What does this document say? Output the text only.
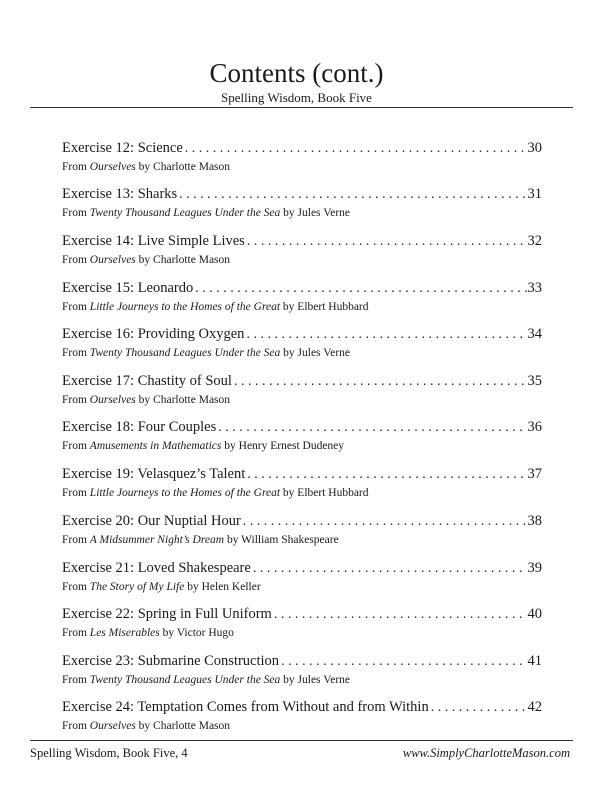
Contents (cont.)
Spelling Wisdom, Book Five
Exercise 12: Science . . .	30
From Ourselves by Charlotte Mason
Exercise 13: Sharks . . .	31
From Twenty Thousand Leagues Under the Sea by Jules Verne
Exercise 14: Live Simple Lives . . .	32
From Ourselves by Charlotte Mason
Exercise 15: Leonardo . . .	33
From Little Journeys to the Homes of the Great by Elbert Hubbard
Exercise 16: Providing Oxygen . . .	34
From Twenty Thousand Leagues Under the Sea by Jules Verne
Exercise 17: Chastity of Soul . . .	35
From Ourselves by Charlotte Mason
Exercise 18: Four Couples . . .	36
From Amusements in Mathematics by Henry Ernest Dudeney
Exercise 19: Velasquez’s Talent . . .	37
From Little Journeys to the Homes of the Great by Elbert Hubbard
Exercise 20: Our Nuptial Hour . . .	38
From A Midsummer Night’s Dream by William Shakespeare
Exercise 21: Loved Shakespeare . . .	39
From The Story of My Life by Helen Keller
Exercise 22: Spring in Full Uniform . . .	40
From Les Miserables by Victor Hugo
Exercise 23: Submarine Construction . . .	41
From Twenty Thousand Leagues Under the Sea by Jules Verne
Exercise 24: Temptation Comes from Without and from Within . . .	42
From Ourselves by Charlotte Mason
Spelling Wisdom, Book Five, 4	www.SimplyCharlotteMason.com
